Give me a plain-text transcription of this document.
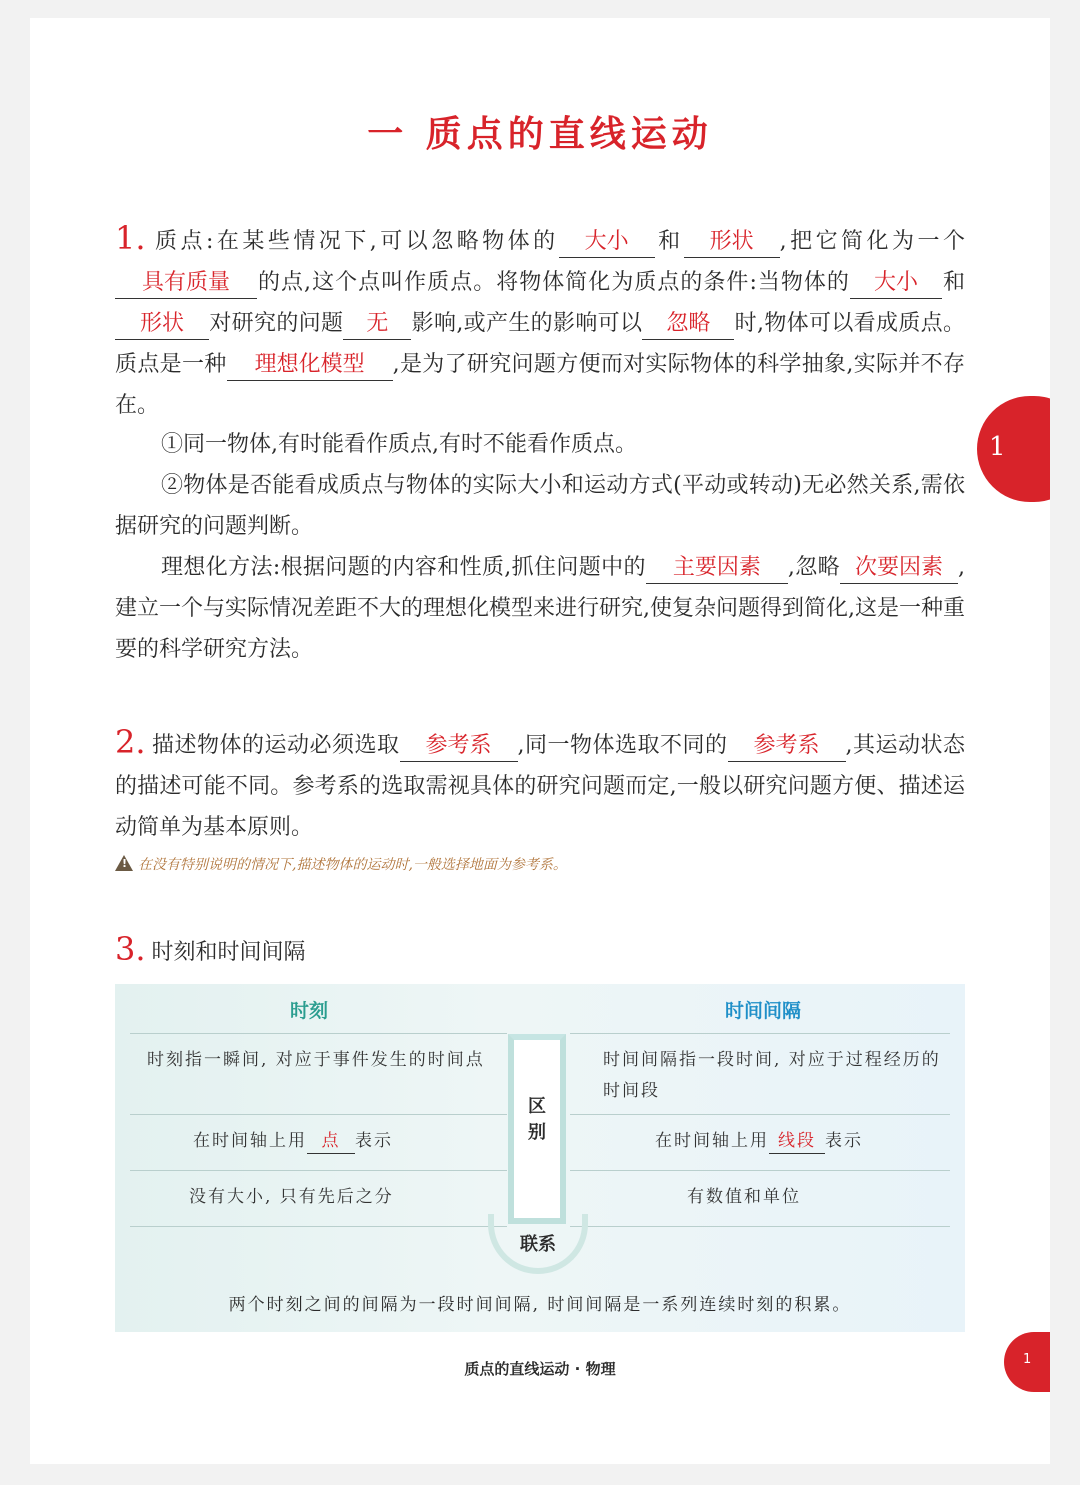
一 质点的直线运动
1. 质点:在某些情况下,可以忽略物体的 大小 和 形状 ,把它简化为一个具有质量 的点,这个点叫作质点。将物体简化为质点的条件:当物体的 大小 和形状 对研究的问题 无 影响,或产生的影响可以 忽略 时,物体可以看成质点。质点是一种 理想化模型 ,是为了研究问题方便而对实际物体的科学抽象,实际并不存在。
①同一物体,有时能看作质点,有时不能看作质点。
②物体是否能看成质点与物体的实际大小和运动方式(平动或转动)无必然关系,需依据研究的问题判断。
理想化方法:根据问题的内容和性质,抓住问题中的 主要因素 ,忽略 次要因素 ,建立一个与实际情况差距不大的理想化模型来进行研究,使复杂问题得到简化,这是一种重要的科学研究方法。
2. 描述物体的运动必须选取 参考系 ,同一物体选取不同的 参考系 ,其运动状态的描述可能不同。参考系的选取需视具体的研究问题而定,一般以研究问题方便、描述运动简单为基本原则。
!在没有特别说明的情况下,描述物体的运动时,一般选择地面为参考系。
3. 时刻和时间间隔
时刻	时间间隔
时刻指一瞬间, 对应于事件发生的时间点
在时间轴上用 点 表示
没有大小, 只有先后之分
时间间隔指一段时间, 对应于过程经历的时间段
在时间轴上用 线段 表示
有数值和单位
区别
联系
两个时刻之间的间隔为一段时间间隔, 时间间隔是一系列连续时刻的积累。
质点的直线运动 · 物理
1
1
